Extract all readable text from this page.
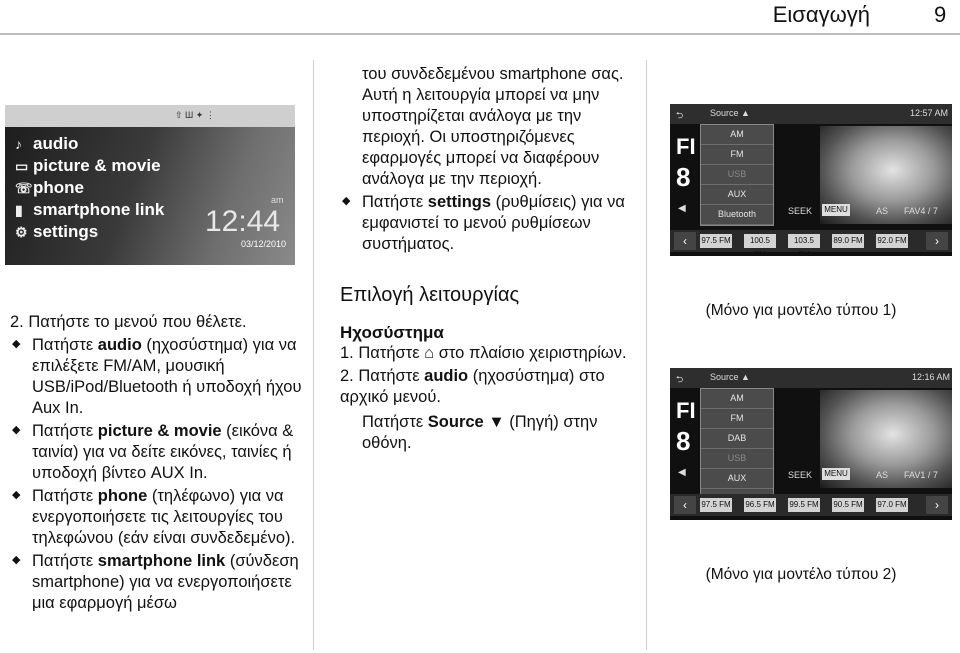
Εισαγωγή	9
⇧ Ш ✦ ⋮
♪ audio
▭ picture & movie
☏phone
▮ smartphone link
⚙ settings
am
12:44
03/12/2010

2. Πατήστε το μενού που θέλετε.

◆ Πατήστε audio (ηχοσύστημα) για να επιλέξετε FM/AM, μουσική USB/iPod/Bluetooth ή υποδοχή ήχου Aux In.

◆ Πατήστε picture & movie (εικόνα & ταινία) για να δείτε εικόνες, ταινίες ή υποδοχή βίντεο AUX In.

◆ Πατήστε phone (τηλέφωνο) για να ενεργοποιήσετε τις λειτουργίες του τηλεφώνου (εάν είναι συνδεδεμένο).

◆ Πατήστε smartphone link (σύνδεση smartphone) για να ενεργοποιήσετε μια εφαρμογή μέσω

του συνδεδεμένου smartphone σας. Αυτή η λειτουργία μπορεί να μην υποστηρίζεται ανάλογα με την περιοχή. Οι υποστηριζόμενες εφαρμογές μπορεί να διαφέρουν ανάλογα με την περιοχή.

◆ Πατήστε settings (ρυθμίσεις) για να εμφανιστεί το μενού ρυθμίσεων συστήματος.

Επιλογή λειτουργίας

Ηχοσύστημα

1. Πατήστε ⌂ στο πλαίσιο χειριστηρίων.

2. Πατήστε audio (ηχοσύστημα) στο αρχικό μενού.

Πατήστε Source ▼ (Πηγή) στην οθόνη.

⮌	Source ▲	12:57 AM
FI
8
AM
FM
USB
AUX
Bluetooth
◀	SEEK MENU	AS FAV4 / 7
‹	97.5 FM	100.5 FM
103.5 FM
89.0 FM 92.0 FM	›
(Μόνο για μοντέλο τύπου 1)
⮌	Source ▲	12:16 AM
FI
8
AM
FM
DAB
USB
AUX
◀	SEEK MENU	AS FAV1 / 7
‹	97.5 FM 96.5 FM 99.5 FM 90.5 FM 97.0 FM	›
(Μόνο για μοντέλο τύπου 2)
